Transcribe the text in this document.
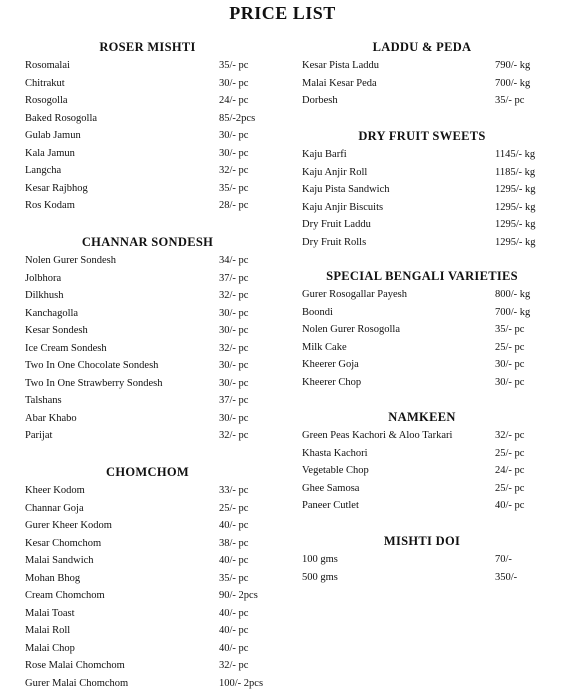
PRICE LIST
ROSER MISHTI
Rosomalai	35/- pc
Chitrakut	30/- pc
Rosogolla	24/- pc
Baked Rosogolla	85/-2pcs
Gulab Jamun	30/- pc
Kala Jamun	30/- pc
Langcha	32/- pc
Kesar Rajbhog	35/- pc
Ros Kodam	28/- pc
CHANNAR SONDESH
Nolen Gurer Sondesh	34/- pc
Jolbhora	37/- pc
Dilkhush	32/- pc
Kanchagolla	30/- pc
Kesar Sondesh	30/- pc
Ice Cream Sondesh	32/- pc
Two In One Chocolate Sondesh	30/- pc
Two In One Strawberry Sondesh	30/- pc
Talshans	37/- pc
Abar Khabo	30/- pc
Parijat	32/- pc
CHOMCHOM
Kheer Kodom	33/- pc
Channar Goja	25/- pc
Gurer Kheer Kodom	40/- pc
Kesar Chomchom	38/- pc
Malai Sandwich	40/- pc
Mohan Bhog	35/- pc
Cream Chomchom	90/- 2pcs
Malai Toast	40/- pc
Malai Roll	40/- pc
Malai Chop	40/- pc
Rose Malai Chomchom	32/- pc
Gurer Malai Chomchom	100/- 2pcs
LADDU & PEDA
Kesar Pista Laddu	790/- kg
Malai Kesar Peda	700/- kg
Dorbesh	35/- pc
DRY FRUIT SWEETS
Kaju Barfi	1145/- kg
Kaju Anjir Roll	1185/- kg
Kaju Pista Sandwich	1295/- kg
Kaju Anjir Biscuits	1295/- kg
Dry Fruit Laddu	1295/- kg
Dry Fruit Rolls	1295/- kg
SPECIAL BENGALI VARIETIES
Gurer Rosogallar Payesh	800/- kg
Boondi	700/- kg
Nolen Gurer Rosogolla	35/- pc
Milk Cake	25/- pc
Kheerer Goja	30/- pc
Kheerer Chop	30/- pc
NAMKEEN
Green Peas Kachori & Aloo Tarkari	32/- pc
Khasta Kachori	25/- pc
Vegetable Chop	24/- pc
Ghee Samosa	25/- pc
Paneer Cutlet	40/- pc
MISHTI DOI
100 gms	70/-
500 gms	350/-
